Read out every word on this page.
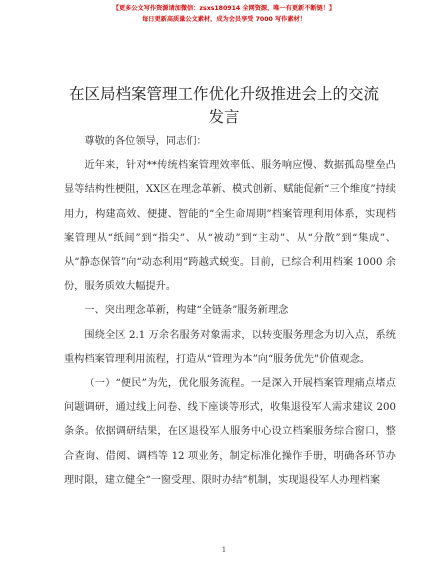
【更多公文写作资源请加微信：zsxs180914 全网资源，唯一有更新不断链！】
每日更新高质量公文素材，成为会员享受 7000 写作素材！
在区局档案管理工作优化升级推进会上的交流
发言

尊敬的各位领导，同志们：

近年来，针对**传统档案管理效率低、服务响应慢、数据孤岛壁垒凸显等结构性梗阻，XX区在理念革新、模式创新、赋能促新“三个维度”持续用力，构建高效、便捷、智能的“全生命周期”档案管理利用体系，实现档案管理从“纸间”到“指尖”、从“被动”到“主动”、从“分散”到“集成”、从“静态保管”向“动态利用”跨越式蜕变。目前，已综合利用档案 1000 余份，服务质效大幅提升。

一、突出理念革新，构建“全链条”服务新理念

围绕全区 2.1 万余名服务对象需求，以转变服务理念为切入点，系统重构档案管理利用流程，打造从“管理为本”向“服务优先”价值观念。

（一）“便民”为先，优化服务流程。一是深入开展档案管理痛点堵点问题调研，通过线上问卷、线下座谈等形式，收集退役军人需求建议 200 条条。依据调研结果，在区退役军人服务中心设立档案服务综合窗口，整合查询、借阅、调档等 12 项业务，制定标准化操作手册，明确各环节办理时限，建立健全“一窗受理、限时办结”机制，实现退役军人办理档案

1
